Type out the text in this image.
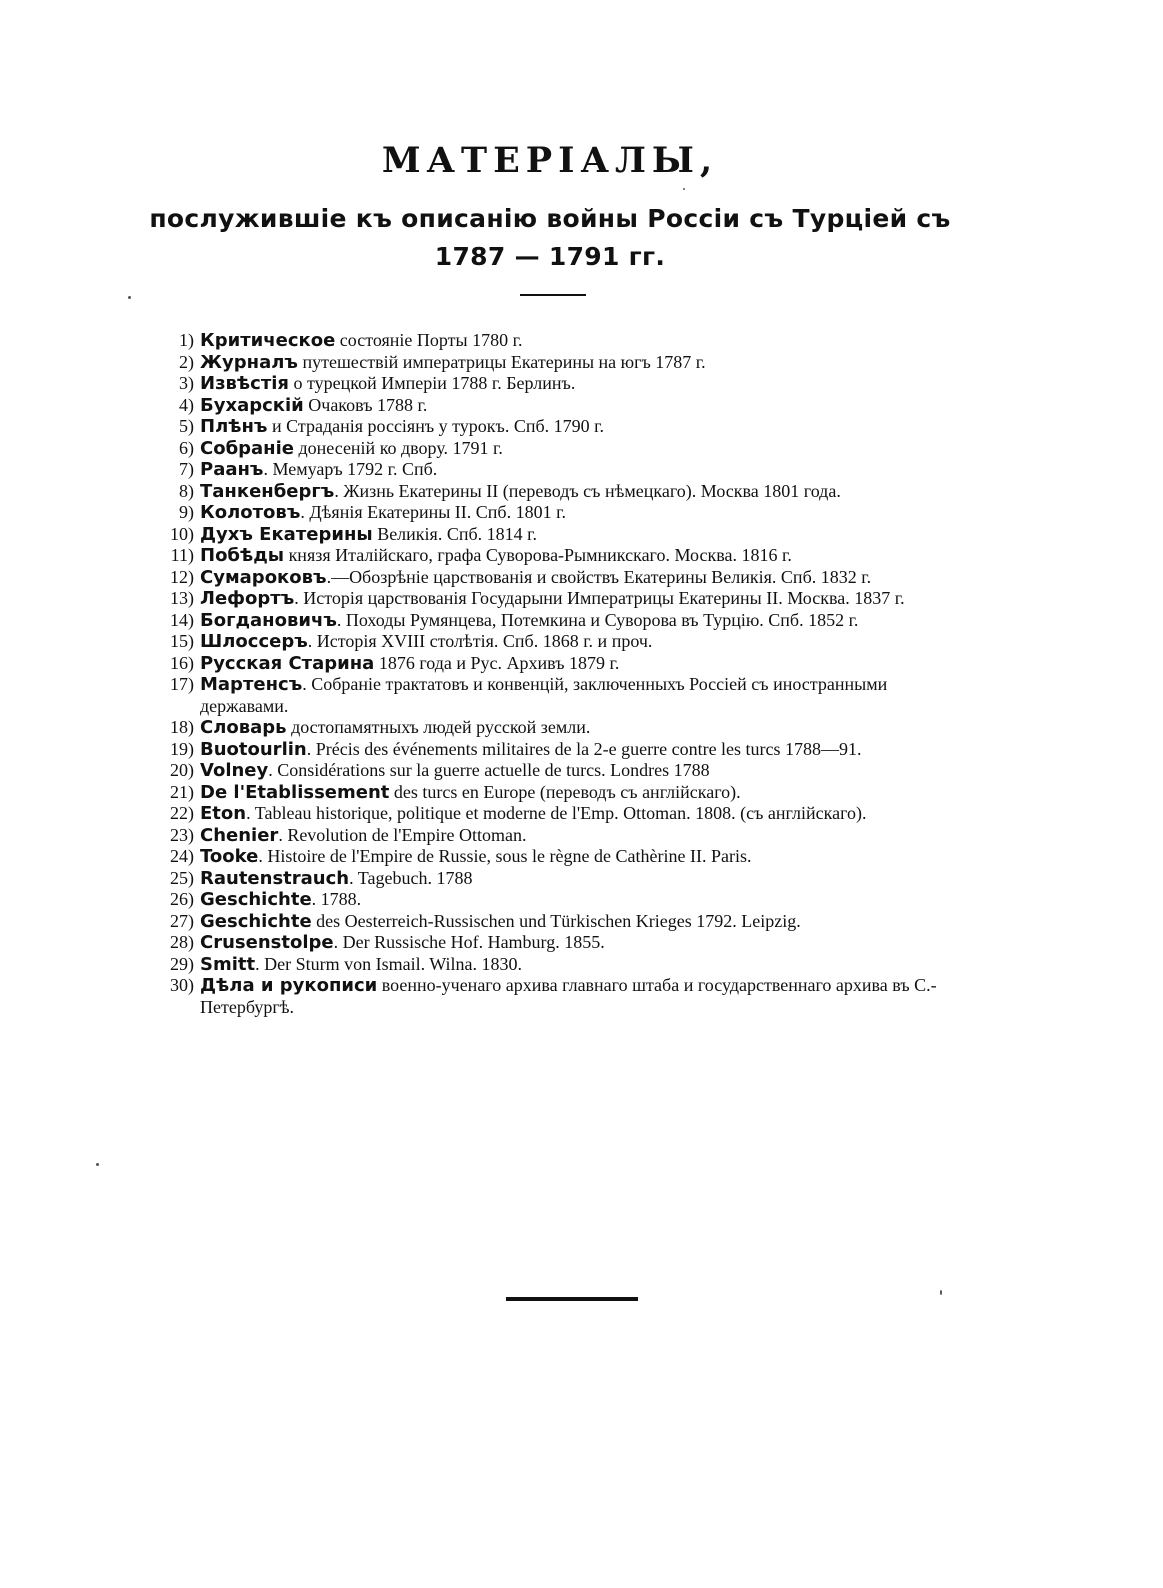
МАТЕРІАЛЫ,
послужившіе къ описанію войны Россіи съ Турціей съ 1787 — 1791 гг.
1) Критическое состояніе Порты 1780 г.
2) Журналъ путешествій императрицы Екатерины на югъ 1787 г.
3) Извѣстія о турецкой Имперіи 1788 г. Берлинъ.
4) Бухарскій Очаковъ 1788 г.
5) Плѣнъ и Страданія россіянъ у турокъ. Спб. 1790 г.
6) Собраніе донесеній ко двору. 1791 г.
7) Раанъ. Мемуаръ 1792 г. Спб.
8) Танкенбергъ. Жизнь Екатерины II (переводъ съ нѣмецкаго). Москва 1801 года.
9) Колотовъ. Дѣянія Екатерины II. Спб. 1801 г.
10) Духъ Екатерины Великія. Спб. 1814 г.
11) Побѣды князя Италійскаго, графа Суворова-Рымникскаго. Москва. 1816 г.
12) Сумароковъ.—Обозрѣніе царствованія и свойствъ Екатерины Великія. Спб. 1832 г.
13) Лефортъ. Исторія царствованія Государыни Императрицы Екатерины II. Москва. 1837 г.
14) Богдановичъ. Походы Румянцева, Потемкина и Суворова въ Турцію. Спб. 1852 г.
15) Шлоссеръ. Исторія XVIII столѣтія. Спб. 1868 г. и проч.
16) Русская Старина 1876 года и Рус. Архивъ 1879 г.
17) Мартенсъ. Собраніе трактатовъ и конвенцій, заключенныхъ Россіей съ иностранными державами.
18) Словарь достопамятныхъ людей русской земли.
19) Buotourlin. Précis des événements militaires de la 2-e guerre contre les turcs 1788—91.
20) Volney. Considérations sur la guerre actuelle de turcs. Londres 1788
21) De l'Etablissement des turcs en Europe (переводъ съ англійскаго).
22) Eton. Tableau historique, politique et moderne de l'Emp. Ottoman. 1808. (съ англійскаго).
23) Chenier. Revolution de l'Empire Ottoman.
24) Tooke. Histoire de l'Empire de Russie, sous le règne de Cathèrine II. Paris.
25) Rautenstrauch. Tagebuch. 1788
26) Geschichte. 1788.
27) Geschichte des Oesterreich-Russischen und Türkischen Krieges 1792. Leipzig.
28) Crusenstolpe. Der Russische Hof. Hamburg. 1855.
29) Smitt. Der Sturm von Ismail. Wilna. 1830.
30) Дѣла и рукописи военно-ученаго архива главнаго штаба и государственнаго архива въ С.-Петербургѣ.
